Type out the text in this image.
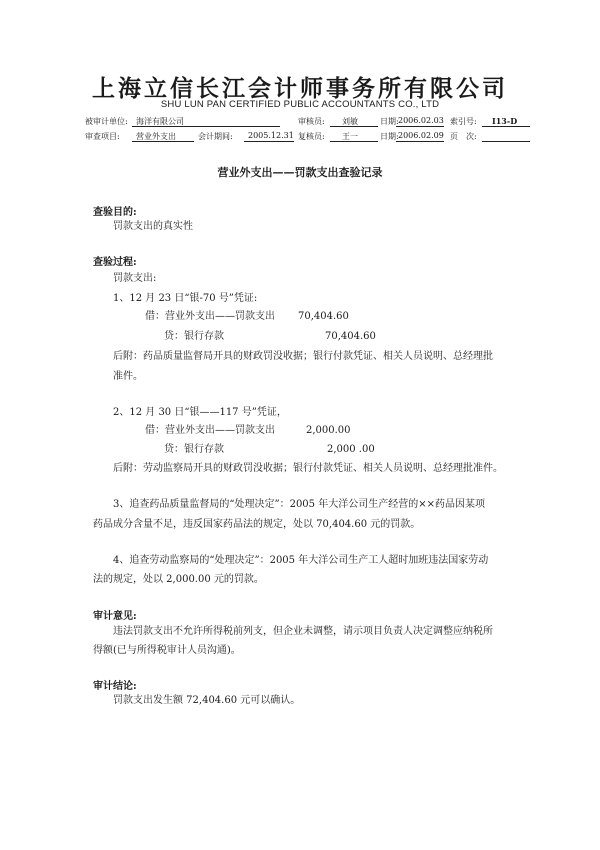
上海立信长江会计师事务所有限公司
SHU LUN PAN CERTIFIED PUBLIC ACCOUNTANTS CO., LTD
被审计单位: 海洋有限公司	审核员: 刘敏	日期: 2006.02.03 索引号: I13-D
审查项目: 营业外支出	会计期间: 2005.12.31 复核员: 王一	日期: 2006.02.09 页　次:
营业外支出——罚款支出查验记录
查验目的:
罚款支出的真实性
查验过程:
罚款支出:
1、12 月 23 日“银-70 号”凭证:
借：营业外支出——罚款支出 70,404.60
贷：银行存款	70,404.60
后附：药品质量监督局开具的财政罚没收据；银行付款凭证、相关人员说明、总经理批
准件。
2、12 月 30 日“银——117 号”凭证，
借：营业外支出——罚款支出	2,000.00
贷：银行存款	2,000 .00
后附：劳动监察局开具的财政罚没收据；银行付款凭证、相关人员说明、总经理批准件。
3、追查药品质量监督局的“处理决定”：2005 年大洋公司生产经营的××药品因某项
药品成分含量不足，违反国家药品法的规定，处以 70,404.60 元的罚款。
4、追查劳动监察局的“处理决定”：2005 年大洋公司生产工人超时加班违法国家劳动
法的规定，处以 2,000.00 元的罚款。
审计意见:
违法罚款支出不允许所得税前列支，但企业未调整，请示项目负责人决定调整应纳税所
得额(已与所得税审计人员沟通)。
审计结论:
罚款支出发生额 72,404.60 元可以确认。
